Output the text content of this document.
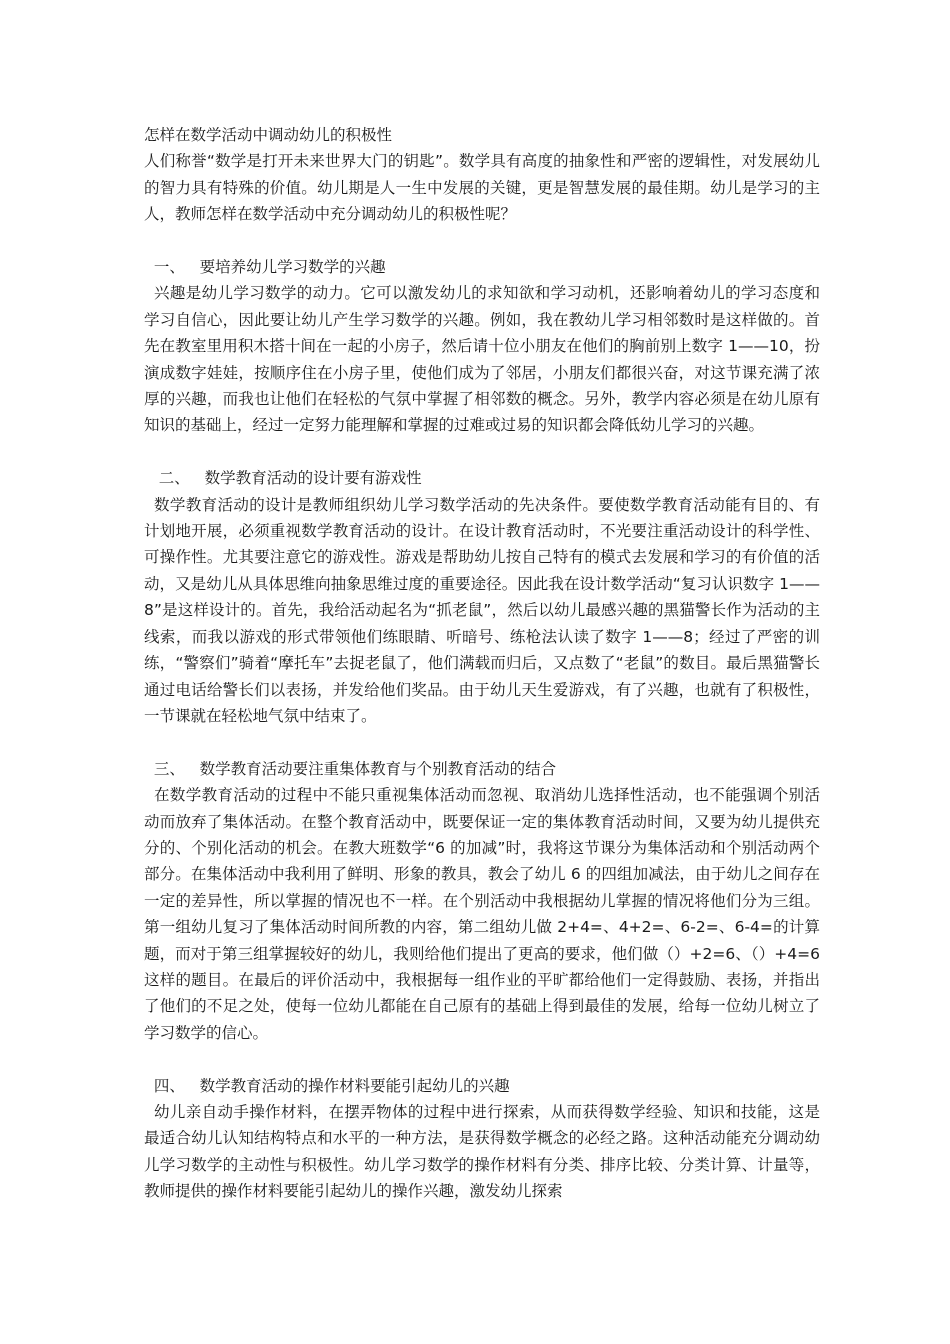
怎样在数学活动中调动幼儿的积极性

人们称誉“数学是打开未来世界大门的钥匙”。数学具有高度的抽象性和严密的逻辑性，对发展幼儿的智力具有特殊的价值。幼儿期是人一生中发展的关键，更是智慧发展的最佳期。幼儿是学习的主人，教师怎样在数学活动中充分调动幼儿的积极性呢？

一、 要培养幼儿学习数学的兴趣

兴趣是幼儿学习数学的动力。它可以激发幼儿的求知欲和学习动机，还影响着幼儿的学习态度和学习自信心，因此要让幼儿产生学习数学的兴趣。例如，我在教幼儿学习相邻数时是这样做的。首先在教室里用积木搭十间在一起的小房子，然后请十位小朋友在他们的胸前别上数字 1——10，扮演成数字娃娃，按顺序住在小房子里，使他们成为了邻居，小朋友们都很兴奋，对这节课充满了浓厚的兴趣，而我也让他们在轻松的气氛中掌握了相邻数的概念。另外，教学内容必须是在幼儿原有知识的基础上，经过一定努力能理解和掌握的过难或过易的知识都会降低幼儿学习的兴趣。

二、 数学教育活动的设计要有游戏性

数学教育活动的设计是教师组织幼儿学习数学活动的先决条件。要使数学教育活动能有目的、有计划地开展，必须重视数学教育活动的设计。在设计教育活动时，不光要注重活动设计的科学性、可操作性。尤其要注意它的游戏性。游戏是帮助幼儿按自己特有的模式去发展和学习的有价值的活动，又是幼儿从具体思维向抽象思维过度的重要途径。因此我在设计数学活动“复习认识数字 1——8”是这样设计的。首先，我给活动起名为“抓老鼠”，然后以幼儿最感兴趣的黑猫警长作为活动的主线索，而我以游戏的形式带领他们练眼睛、听暗号、练枪法认读了数字 1——8；经过了严密的训练，“警察们”骑着“摩托车”去捉老鼠了，他们满载而归后，又点数了“老鼠”的数目。最后黑猫警长通过电话给警长们以表扬，并发给他们奖品。由于幼儿天生爱游戏，有了兴趣，也就有了积极性，一节课就在轻松地气氛中结束了。

三、 数学教育活动要注重集体教育与个别教育活动的结合

在数学教育活动的过程中不能只重视集体活动而忽视、取消幼儿选择性活动，也不能强调个别活动而放弃了集体活动。在整个教育活动中，既要保证一定的集体教育活动时间，又要为幼儿提供充分的、个别化活动的机会。在教大班数学“6 的加减”时，我将这节课分为集体活动和个别活动两个部分。在集体活动中我利用了鲜明、形象的教具，教会了幼儿 6 的四组加减法，由于幼儿之间存在一定的差异性，所以掌握的情况也不一样。在个别活动中我根据幼儿掌握的情况将他们分为三组。第一组幼儿复习了集体活动时间所教的内容，第二组幼儿做 2+4=、4+2=、6-2=、6-4=的计算题，而对于第三组掌握较好的幼儿，我则给他们提出了更高的要求，他们做（）+2=6、（）+4=6 这样的题目。在最后的评价活动中，我根据每一组作业的平旷都给他们一定得鼓励、表扬，并指出了他们的不足之处，使每一位幼儿都能在自己原有的基础上得到最佳的发展，给每一位幼儿树立了学习数学的信心。

四、 数学教育活动的操作材料要能引起幼儿的兴趣

幼儿亲自动手操作材料，在摆弄物体的过程中进行探索，从而获得数学经验、知识和技能，这是最适合幼儿认知结构特点和水平的一种方法，是获得数学概念的必经之路。这种活动能充分调动幼儿学习数学的主动性与积极性。幼儿学习数学的操作材料有分类、排序比较、分类计算、计量等，教师提供的操作材料要能引起幼儿的操作兴趣，激发幼儿探索
